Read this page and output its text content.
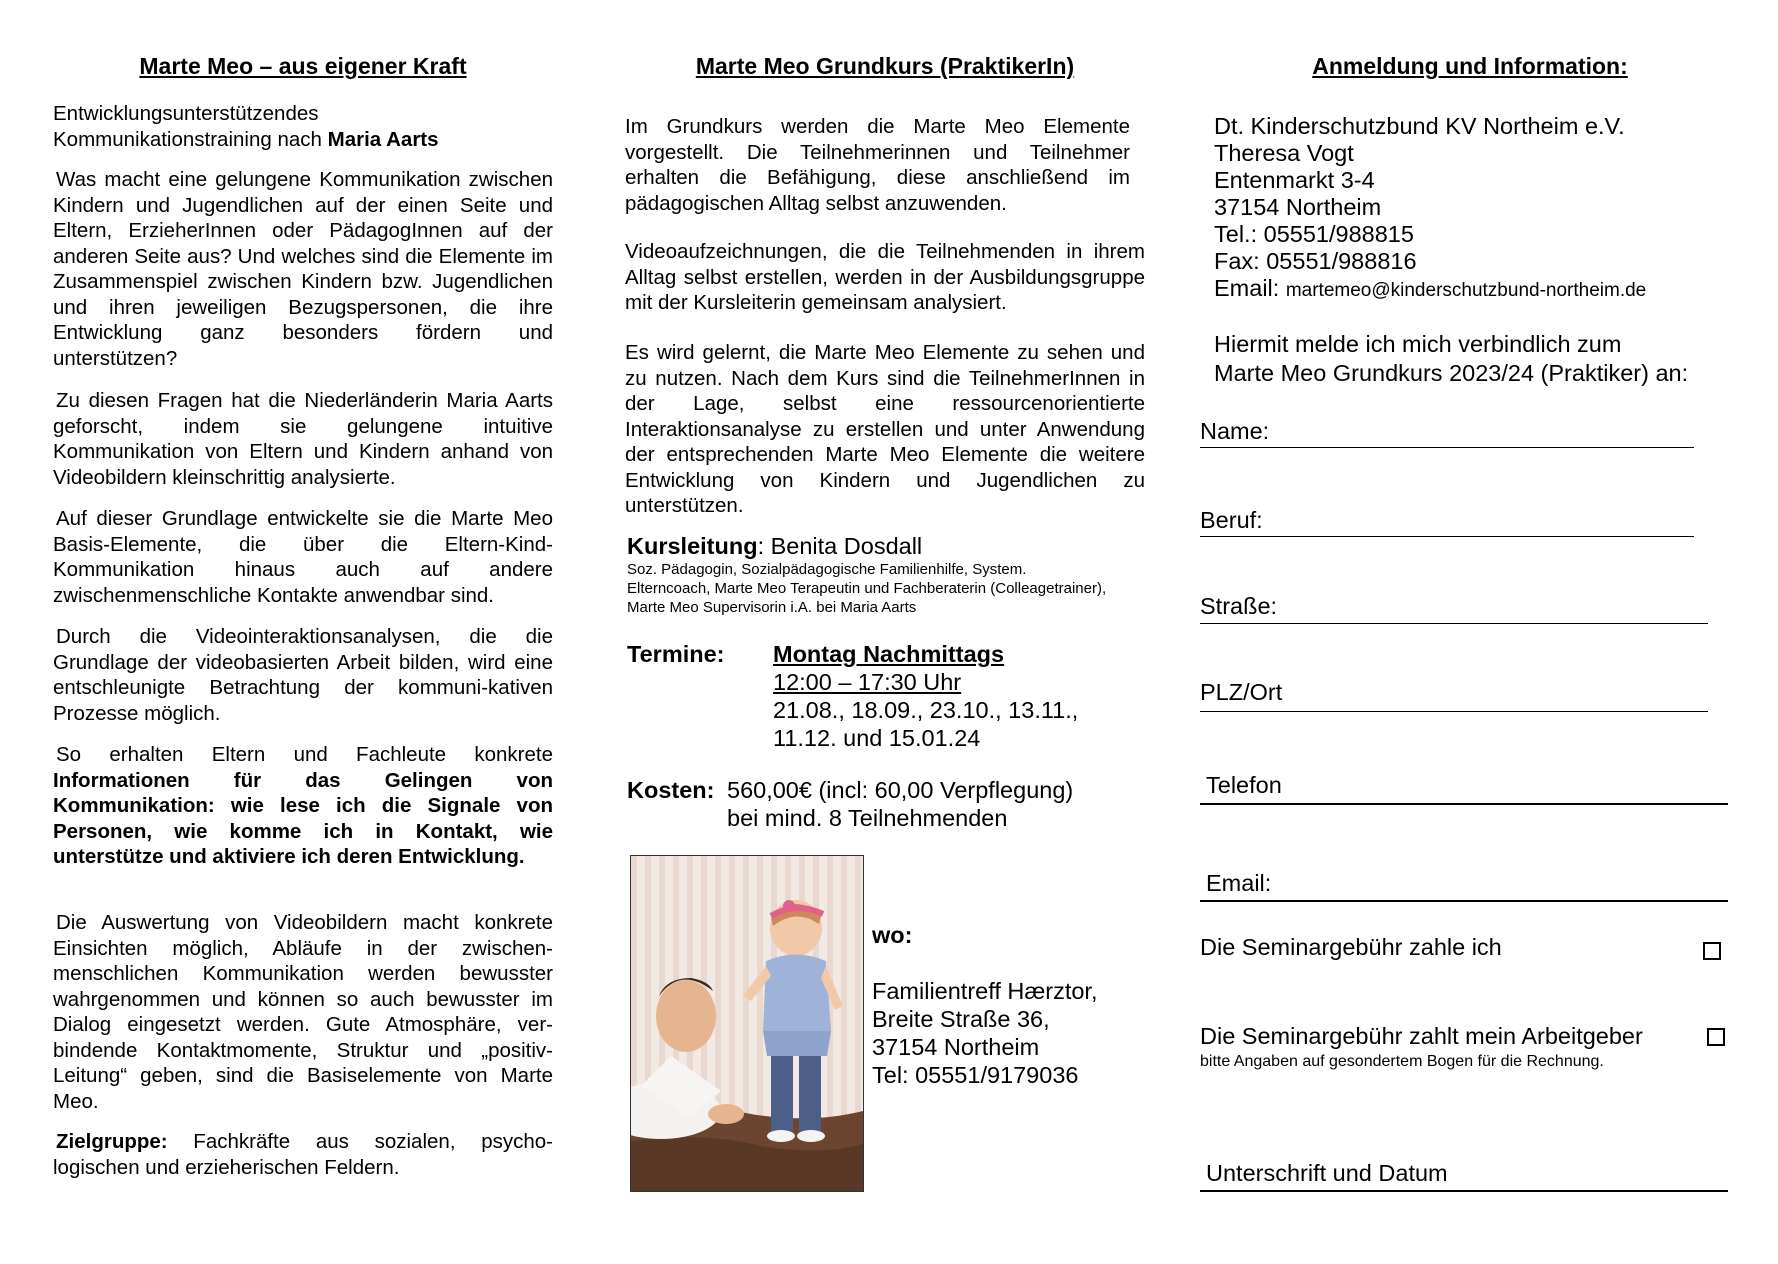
Marte Meo – aus eigener Kraft

Entwicklungsunterstützendes

Kommunikationstraining nach Maria Aarts

Was macht eine gelungene Kommunikation zwischen Kindern und Jugendlichen auf der einen Seite und Eltern, ErzieherInnen oder PädagogInnen auf der anderen Seite aus? Und welches sind die Elemente im Zusammenspiel zwischen Kindern bzw. Jugendlichen und ihren jeweiligen Bezugspersonen, die ihre Entwicklung ganz besonders fördern und unterstützen?

Zu diesen Fragen hat die Niederländerin Maria Aarts geforscht, indem sie gelungene intuitive Kommunikation von Eltern und Kindern anhand von Videobildern kleinschrittig analysierte.

Auf dieser Grundlage entwickelte sie die Marte Meo Basis-Elemente, die über die Eltern-Kind-Kommunikation hinaus auch auf andere zwischenmenschliche Kontakte anwendbar sind.

Durch die Videointeraktionsanalysen, die die Grundlage der videobasierten Arbeit bilden, wird eine entschleunigte Betrachtung der kommuni-kativen Prozesse möglich.

So erhalten Eltern und Fachleute konkrete Informationen für das Gelingen von Kommunikation: wie lese ich die Signale von Personen, wie komme ich in Kontakt, wie unterstütze und aktiviere ich deren Entwicklung.

Die Auswertung von Videobildern macht konkrete Einsichten möglich, Abläufe in der zwischen-menschlichen Kommunikation werden bewusster wahrgenommen und können so auch bewusster im Dialog eingesetzt werden. Gute Atmosphäre, ver-bindende Kontaktmomente, Struktur und „positiv-Leitung“ geben, sind die Basiselemente von Marte Meo.

Zielgruppe: Fachkräfte aus sozialen, psycho-logischen und erzieherischen Feldern.

Marte Meo Grundkurs (PraktikerIn)

Im Grundkurs werden die Marte Meo Elemente vorgestellt. Die Teilnehmerinnen und Teilnehmer erhalten die Befähigung, diese anschließend im pädagogischen Alltag selbst anzuwenden.

Videoaufzeichnungen, die die Teilnehmenden in ihrem Alltag selbst erstellen, werden in der Ausbildungsgruppe mit der Kursleiterin gemeinsam analysiert.

Es wird gelernt, die Marte Meo Elemente zu sehen und zu nutzen. Nach dem Kurs sind die TeilnehmerInnen in der Lage, selbst eine ressourcenorientierte Interaktionsanalyse zu erstellen und unter Anwendung der entsprechenden Marte Meo Elemente die weitere Entwicklung von Kindern und Jugendlichen zu unterstützen.

Kursleitung: Benita Dosdall

Soz. Pädagogin, Sozialpädagogische Familienhilfe, System. Elterncoach, Marte Meo Terapeutin und Fachberaterin (Colleagetrainer), Marte Meo Supervisorin i.A. bei Maria Aarts

Termine: Montag Nachmittags

12:00 – 17:30 Uhr

21.08., 18.09., 23.10., 13.11.,

11.12. und 15.01.24

Kosten: 560,00€ (incl: 60,00 Verpflegung)

bei mind. 8 Teilnehmenden

wo:

Familientreff Hærztor,

Breite Straße 36,

37154 Northeim

Tel: 05551/9179036

Anmeldung und Information:

Dt. Kinderschutzbund KV Northeim e.V.

Theresa Vogt

Entenmarkt 3-4

37154 Northeim

Tel.: 05551/988815

Fax: 05551/988816

Email: martemeo@kinderschutzbund-northeim.de

Hiermit melde ich mich verbindlich zum

Marte Meo Grundkurs 2023/24 (Praktiker) an:

Name:
Beruf:
Straße:
PLZ/Ort
Telefon
Email:
Die Seminargebühr zahle ich
Die Seminargebühr zahlt mein Arbeitgeber
bitte Angaben auf gesondertem Bogen für die Rechnung.
Unterschrift und Datum
